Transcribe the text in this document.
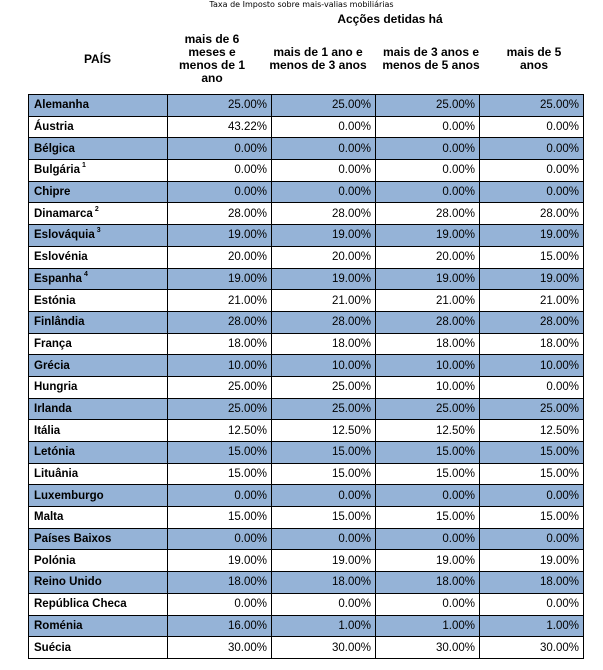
Taxa de Imposto sobre mais-valias mobiliárias
Acções detidas há
PAÍS
mais de 6 meses e menos de 1 ano
mais de 1 ano e menos de 3 anos
mais de 3 anos e menos de 5 anos
mais de 5 anos
Alemanha	25.00%	25.00%	25.00%	25.00%
Áustria	43.22%	0.00%	0.00%	0.00%
Bélgica	0.00%	0.00%	0.00%	0.00%
Bulgária $^1$	0.00%	0.00%	0.00%	0.00%
Chipre	0.00%	0.00%	0.00%	0.00%
Dinamarca $^2$	28.00%	28.00%	28.00%	28.00%
Eslováquia $^3$	19.00%	19.00%	19.00%	19.00%
Eslovénia	20.00%	20.00%	20.00%	15.00%
Espanha $^4$	19.00%	19.00%	19.00%	19.00%
Estónia	21.00%	21.00%	21.00%	21.00%
Finlândia	28.00%	28.00%	28.00%	28.00%
França	18.00%	18.00%	18.00%	18.00%
Grécia	10.00%	10.00%	10.00%	10.00%
Hungria	25.00%	25.00%	10.00%	0.00%
Irlanda	25.00%	25.00%	25.00%	25.00%
Itália	12.50%	12.50%	12.50%	12.50%
Letónia	15.00%	15.00%	15.00%	15.00%
Lituânia	15.00%	15.00%	15.00%	15.00%
Luxemburgo	0.00%	0.00%	0.00%	0.00%
Malta	15.00%	15.00%	15.00%	15.00%
Países Baixos	0.00%	0.00%	0.00%	0.00%
Polónia	19.00%	19.00%	19.00%	19.00%
Reino Unido	18.00%	18.00%	18.00%	18.00%
República Checa	0.00%	0.00%	0.00%	0.00%
Roménia	16.00%	1.00%	1.00%	1.00%
Suécia	30.00%	30.00%	30.00%	30.00%
